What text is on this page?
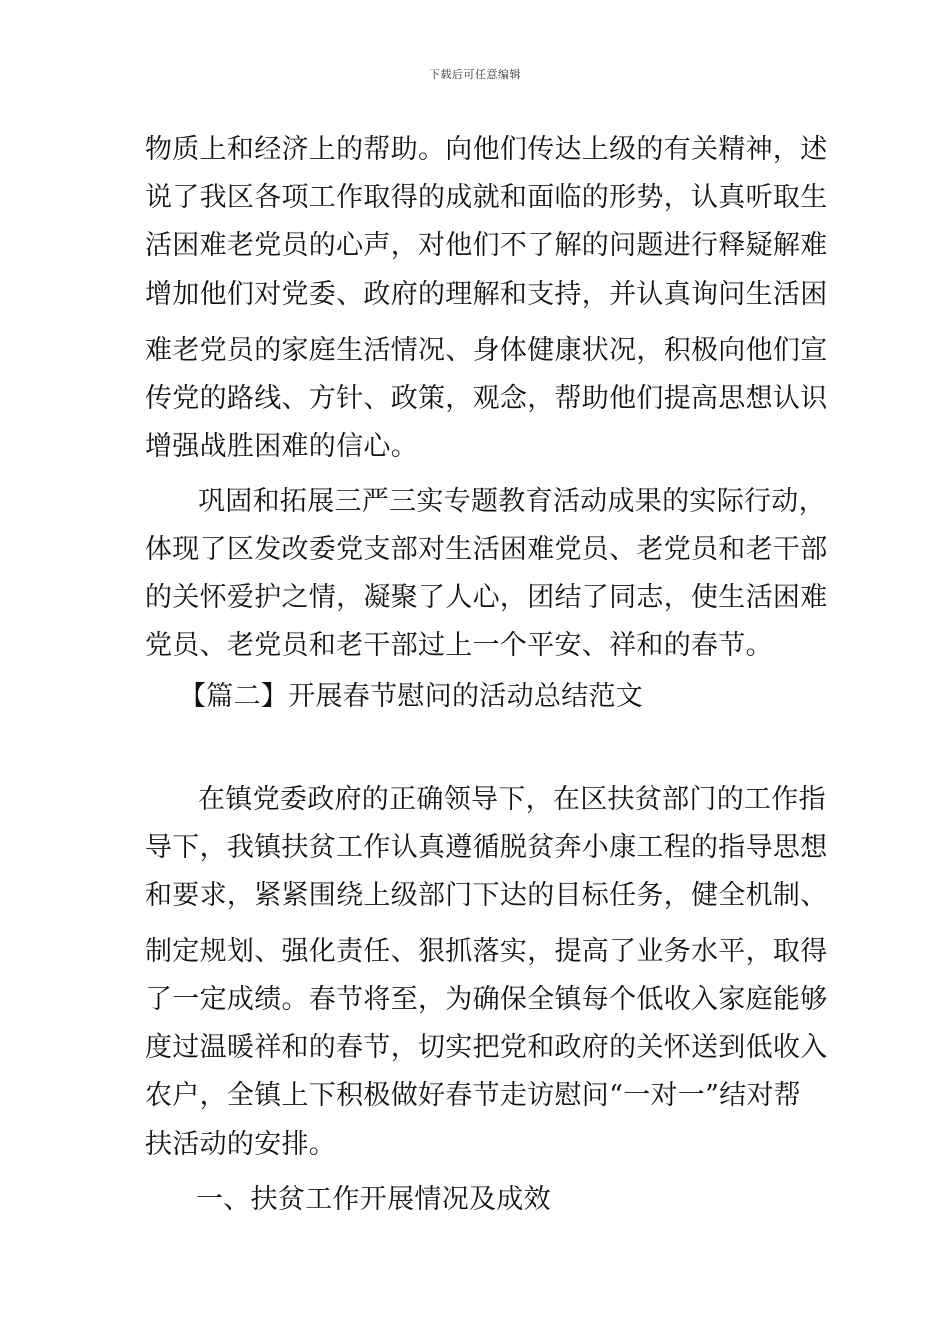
下载后可任意编辑
物质上和经济上的帮助。向他们传达上级的有关精神，述
说了我区各项工作取得的成就和面临的形势，认真听取生
活困难老党员的心声，对他们不了解的问题进行释疑解难
增加他们对党委、政府的理解和支持，并认真询问生活困
难老党员的家庭生活情况、身体健康状况，积极向他们宣
传党的路线、方针、政策，观念，帮助他们提高思想认识
增强战胜困难的信心。
巩固和拓展三严三实专题教育活动成果的实际行动，
体现了区发改委党支部对生活困难党员、老党员和老干部
的关怀爱护之情，凝聚了人心，团结了同志，使生活困难
党员、老党员和老干部过上一个平安、祥和的春节。
【篇二】开展春节慰问的活动总结范文
在镇党委政府的正确领导下，在区扶贫部门的工作指
导下，我镇扶贫工作认真遵循脱贫奔小康工程的指导思想
和要求，紧紧围绕上级部门下达的目标任务，健全机制、
制定规划、强化责任、狠抓落实，提高了业务水平，取得
了一定成绩。春节将至，为确保全镇每个低收入家庭能够
度过温暖祥和的春节，切实把党和政府的关怀送到低收入
农户，全镇上下积极做好春节走访慰问“一对一”结对帮
扶活动的安排。
一、扶贫工作开展情况及成效
